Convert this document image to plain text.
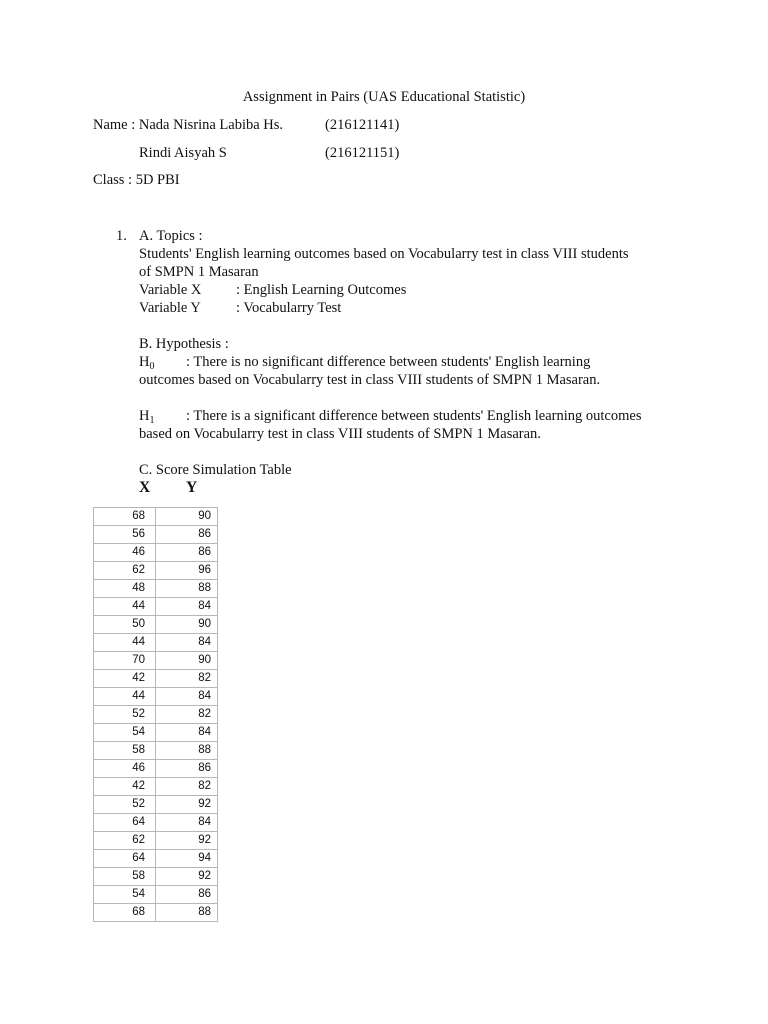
Assignment in Pairs (UAS Educational Statistic)
Name : Nada Nisrina Labiba Hs.	(216121141)
Rindi Aisyah S	(216121151)
Class : 5D PBI
1. A. Topics :
Students' English learning outcomes based on Vocabularry test in class VIII students
of SMPN 1 Masaran
Variable X : English Learning Outcomes
Variable Y : Vocabularry Test
B. Hypothesis :
$H_0$ : There is no significant difference between students' English learning
outcomes based on Vocabularry test in class VIII students of SMPN 1 Masaran.
$H_1$ : There is a significant difference between students' English learning outcomes
based on Vocabularry test in class VIII students of SMPN 1 Masaran.
C. Score Simulation Table
X Y
68	90
56	86
46	86
62	96
48	88
44	84
50	90
44	84
70	90
42	82
44	84
52	82
54	84
58	88
46	86
42	82
52	92
64	84
62	92
64	94
58	92
54	86
68	88
